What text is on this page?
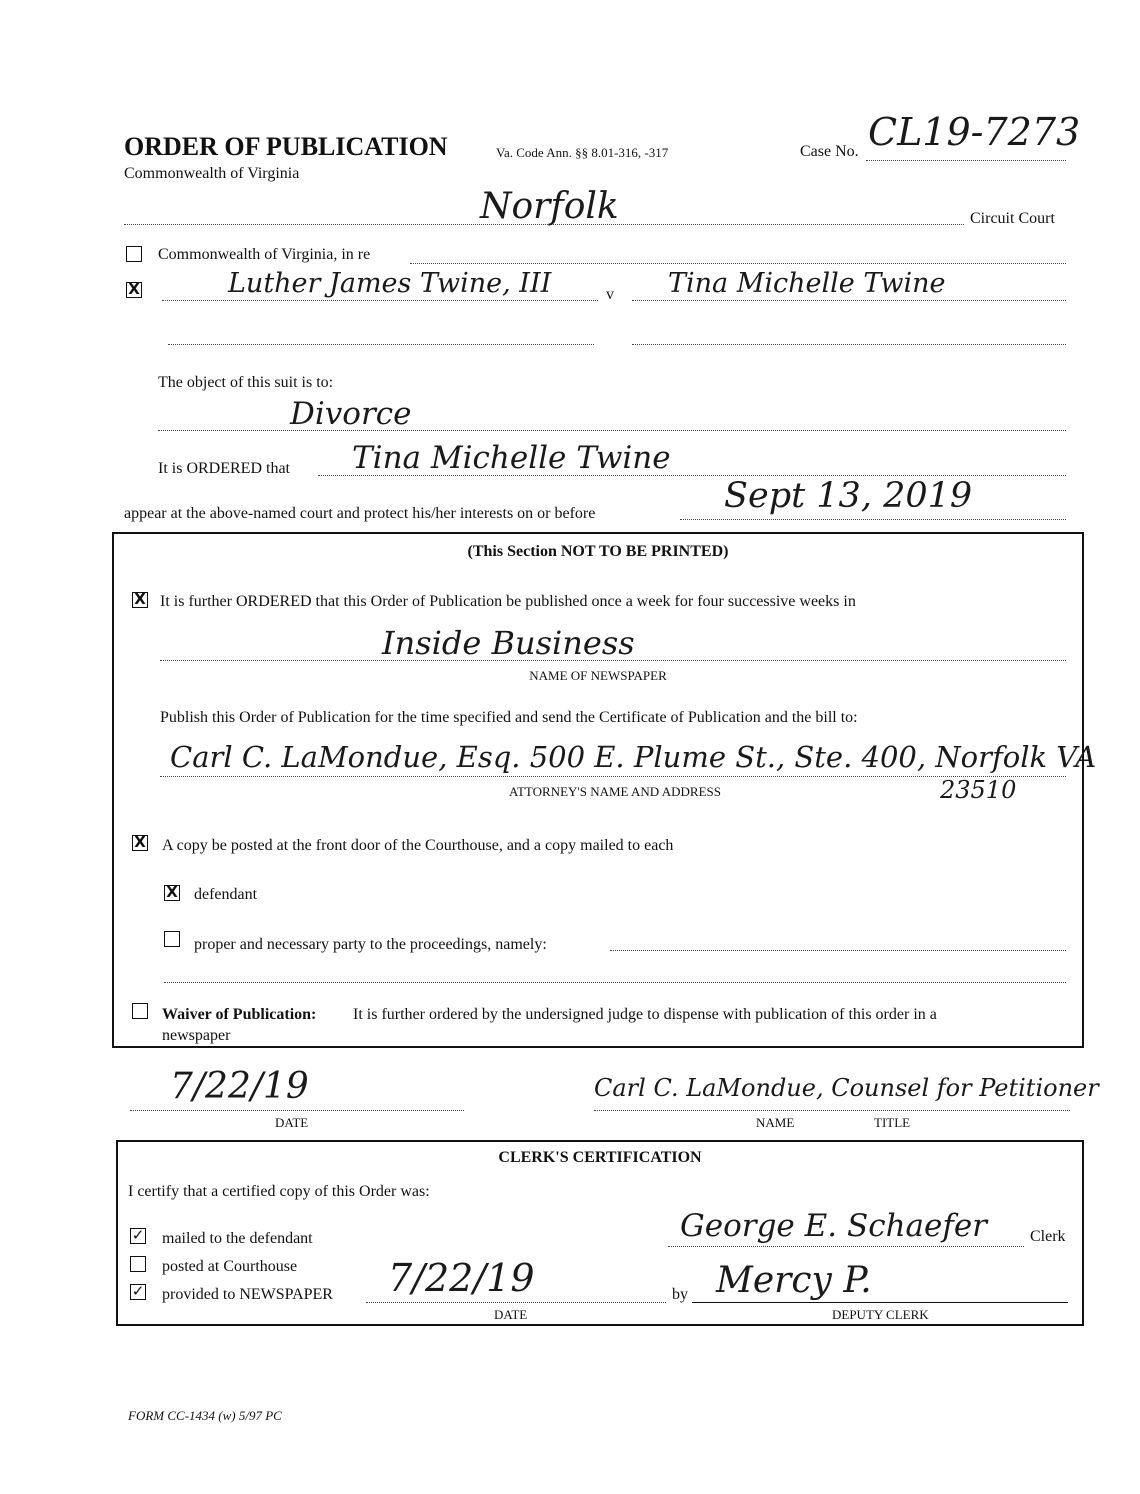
ORDER OF PUBLICATION
Commonwealth of Virginia
Va. Code Ann. §§ 8.01-316, -317	Case No. CL19-7273
Norfolk	Circuit Court
Commonwealth of Virginia, in re
X	Luther James Twine, III	v Tina Michelle Twine
The object of this suit is to:
Divorce
It is ORDERED that Tina Michelle Twine
appear at the above-named court and protect his/her interests on or before	Sept 13, 2019
(This Section NOT TO BE PRINTED)
X It is further ORDERED that this Order of Publication be published once a week for four successive weeks in
Inside Business
NAME OF NEWSPAPER
Publish this Order of Publication for the time specified and send the Certificate of Publication and the bill to:
Carl C. LaMondue, Esq. 500 E. Plume St., Ste. 400, Norfolk VA
ATTORNEY'S NAME AND ADDRESS	23510
X A copy be posted at the front door of the Courthouse, and a copy mailed to each
X defendant
proper and necessary party to the proceedings, namely:
Waiver of Publication: It is further ordered by the undersigned judge to dispense with publication of this order in a
newspaper
7/22/19
DATE
Carl C. LaMondue, Counsel for Petitioner
NAME	TITLE
CLERK'S CERTIFICATION
I certify that a certified copy of this Order was:
✓ mailed to the defendant
posted at Courthouse
✓ provided to NEWSPAPER 7/22/19
DATE
George E. Schaefer	Clerk
by Mercy P.
DEPUTY CLERK
FORM CC-1434 (w) 5/97 PC
